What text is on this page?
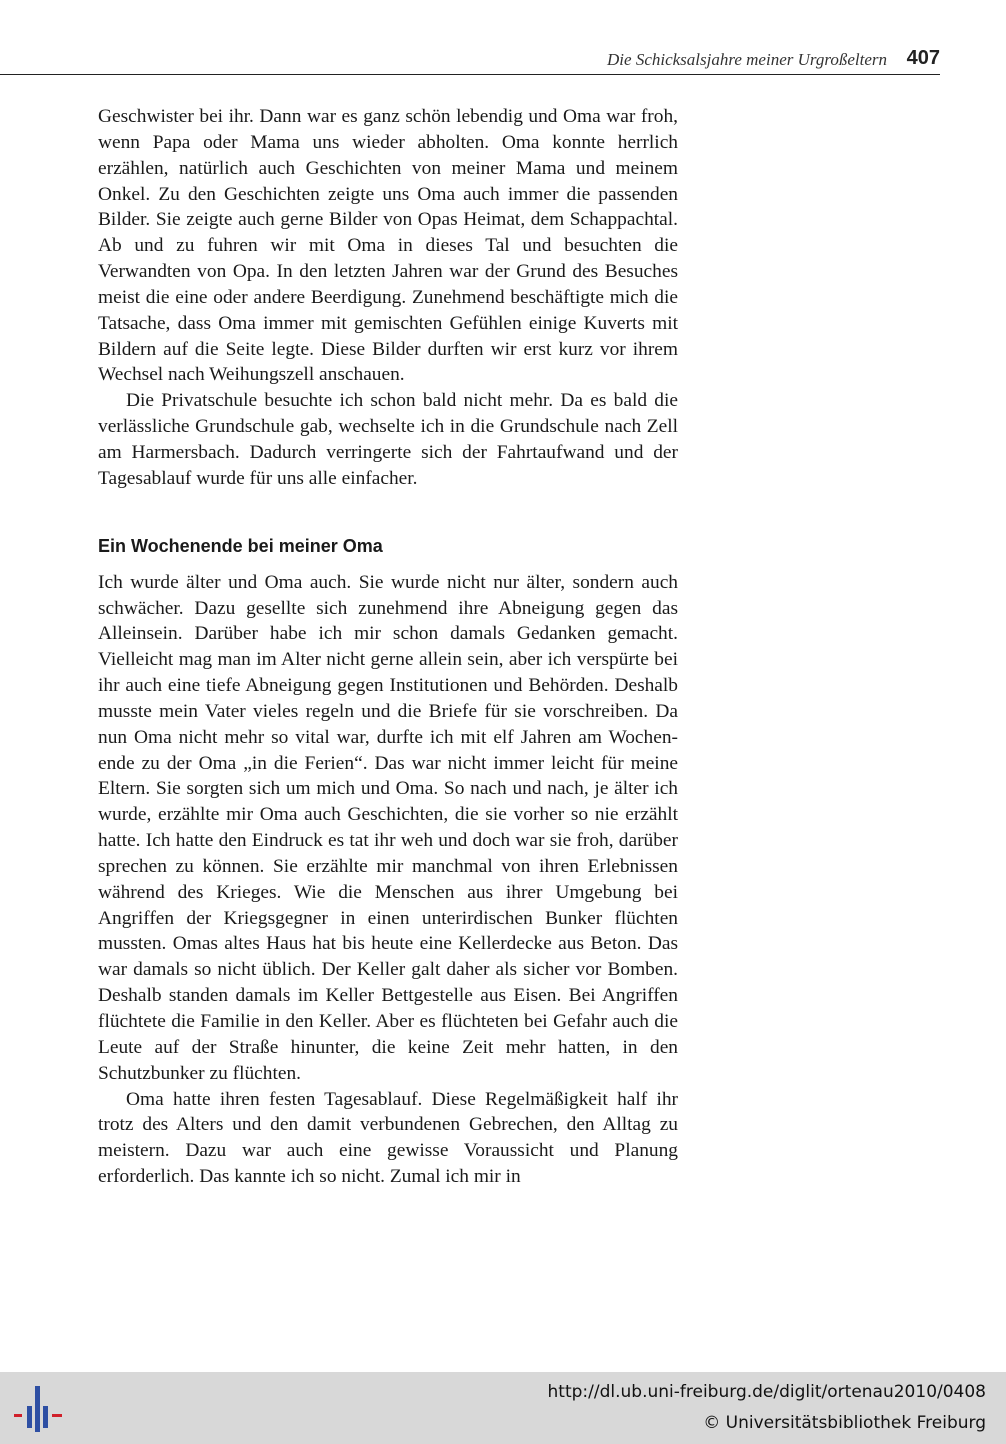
Die Schicksalsjahre meiner Urgroßeltern 407

Geschwister bei ihr. Dann war es ganz schön lebendig und Oma war froh, wenn Papa oder Mama uns wieder abholten. Oma konnte herrlich erzählen, natürlich auch Geschichten von meiner Mama und meinem Onkel. Zu den Geschichten zeigte uns Oma auch immer die passenden Bilder. Sie zeigte auch gerne Bilder von Opas Heimat, dem Schappachtal. Ab und zu fuhren wir mit Oma in dieses Tal und besuchten die Verwandten von Opa. In den letzten Jahren war der Grund des Besuches meist die eine oder andere Beerdigung. Zunehmend beschäftigte mich die Tatsache, dass Oma immer mit gemischten Gefühlen einige Kuverts mit Bildern auf die Seite legte. Diese Bilder durften wir erst kurz vor ihrem Wechsel nach Weihungszell anschauen.

Die Privatschule besuchte ich schon bald nicht mehr. Da es bald die verlässliche Grundschule gab, wechselte ich in die Grundschule nach Zell am Harmersbach. Dadurch verringerte sich der Fahrtaufwand und der Tagesablauf wurde für uns alle einfacher.

Ein Wochenende bei meiner Oma

Ich wurde älter und Oma auch. Sie wurde nicht nur älter, sondern auch schwächer. Dazu gesellte sich zunehmend ihre Abneigung gegen das Alleinsein. Darüber habe ich mir schon damals Gedanken gemacht. Vielleicht mag man im Alter nicht gerne allein sein, aber ich verspürte bei ihr auch eine tiefe Abneigung gegen Institutionen und Behörden. Deshalb musste mein Vater vieles regeln und die Briefe für sie vorschreiben. Da nun Oma nicht mehr so vital war, durfte ich mit elf Jahren am Wochenende zu der Oma „in die Ferien“. Das war nicht immer leicht für meine Eltern. Sie sorgten sich um mich und Oma. So nach und nach, je älter ich wurde, erzählte mir Oma auch Geschichten, die sie vorher so nie erzählt hatte. Ich hatte den Eindruck es tat ihr weh und doch war sie froh, darüber sprechen zu können. Sie erzählte mir manchmal von ihren Erlebnissen während des Krieges. Wie die Menschen aus ihrer Umgebung bei Angriffen der Kriegsgegner in einen unterirdischen Bunker flüchten mussten. Omas altes Haus hat bis heute eine Kellerdecke aus Beton. Das war damals so nicht üblich. Der Keller galt daher als sicher vor Bomben. Deshalb standen damals im Keller Bettgestelle aus Eisen. Bei Angriffen flüchtete die Familie in den Keller. Aber es flüchteten bei Gefahr auch die Leute auf der Straße hinunter, die keine Zeit mehr hatten, in den Schutzbunker zu flüchten.

Oma hatte ihren festen Tagesablauf. Diese Regelmäßigkeit half ihr trotz des Alters und den damit verbundenen Gebrechen, den Alltag zu meistern. Dazu war auch eine gewisse Voraussicht und Planung erforderlich. Das kannte ich so nicht. Zumal ich mir in

http://dl.ub.uni-freiburg.de/diglit/ortenau2010/0408
© Universitätsbibliothek Freiburg
